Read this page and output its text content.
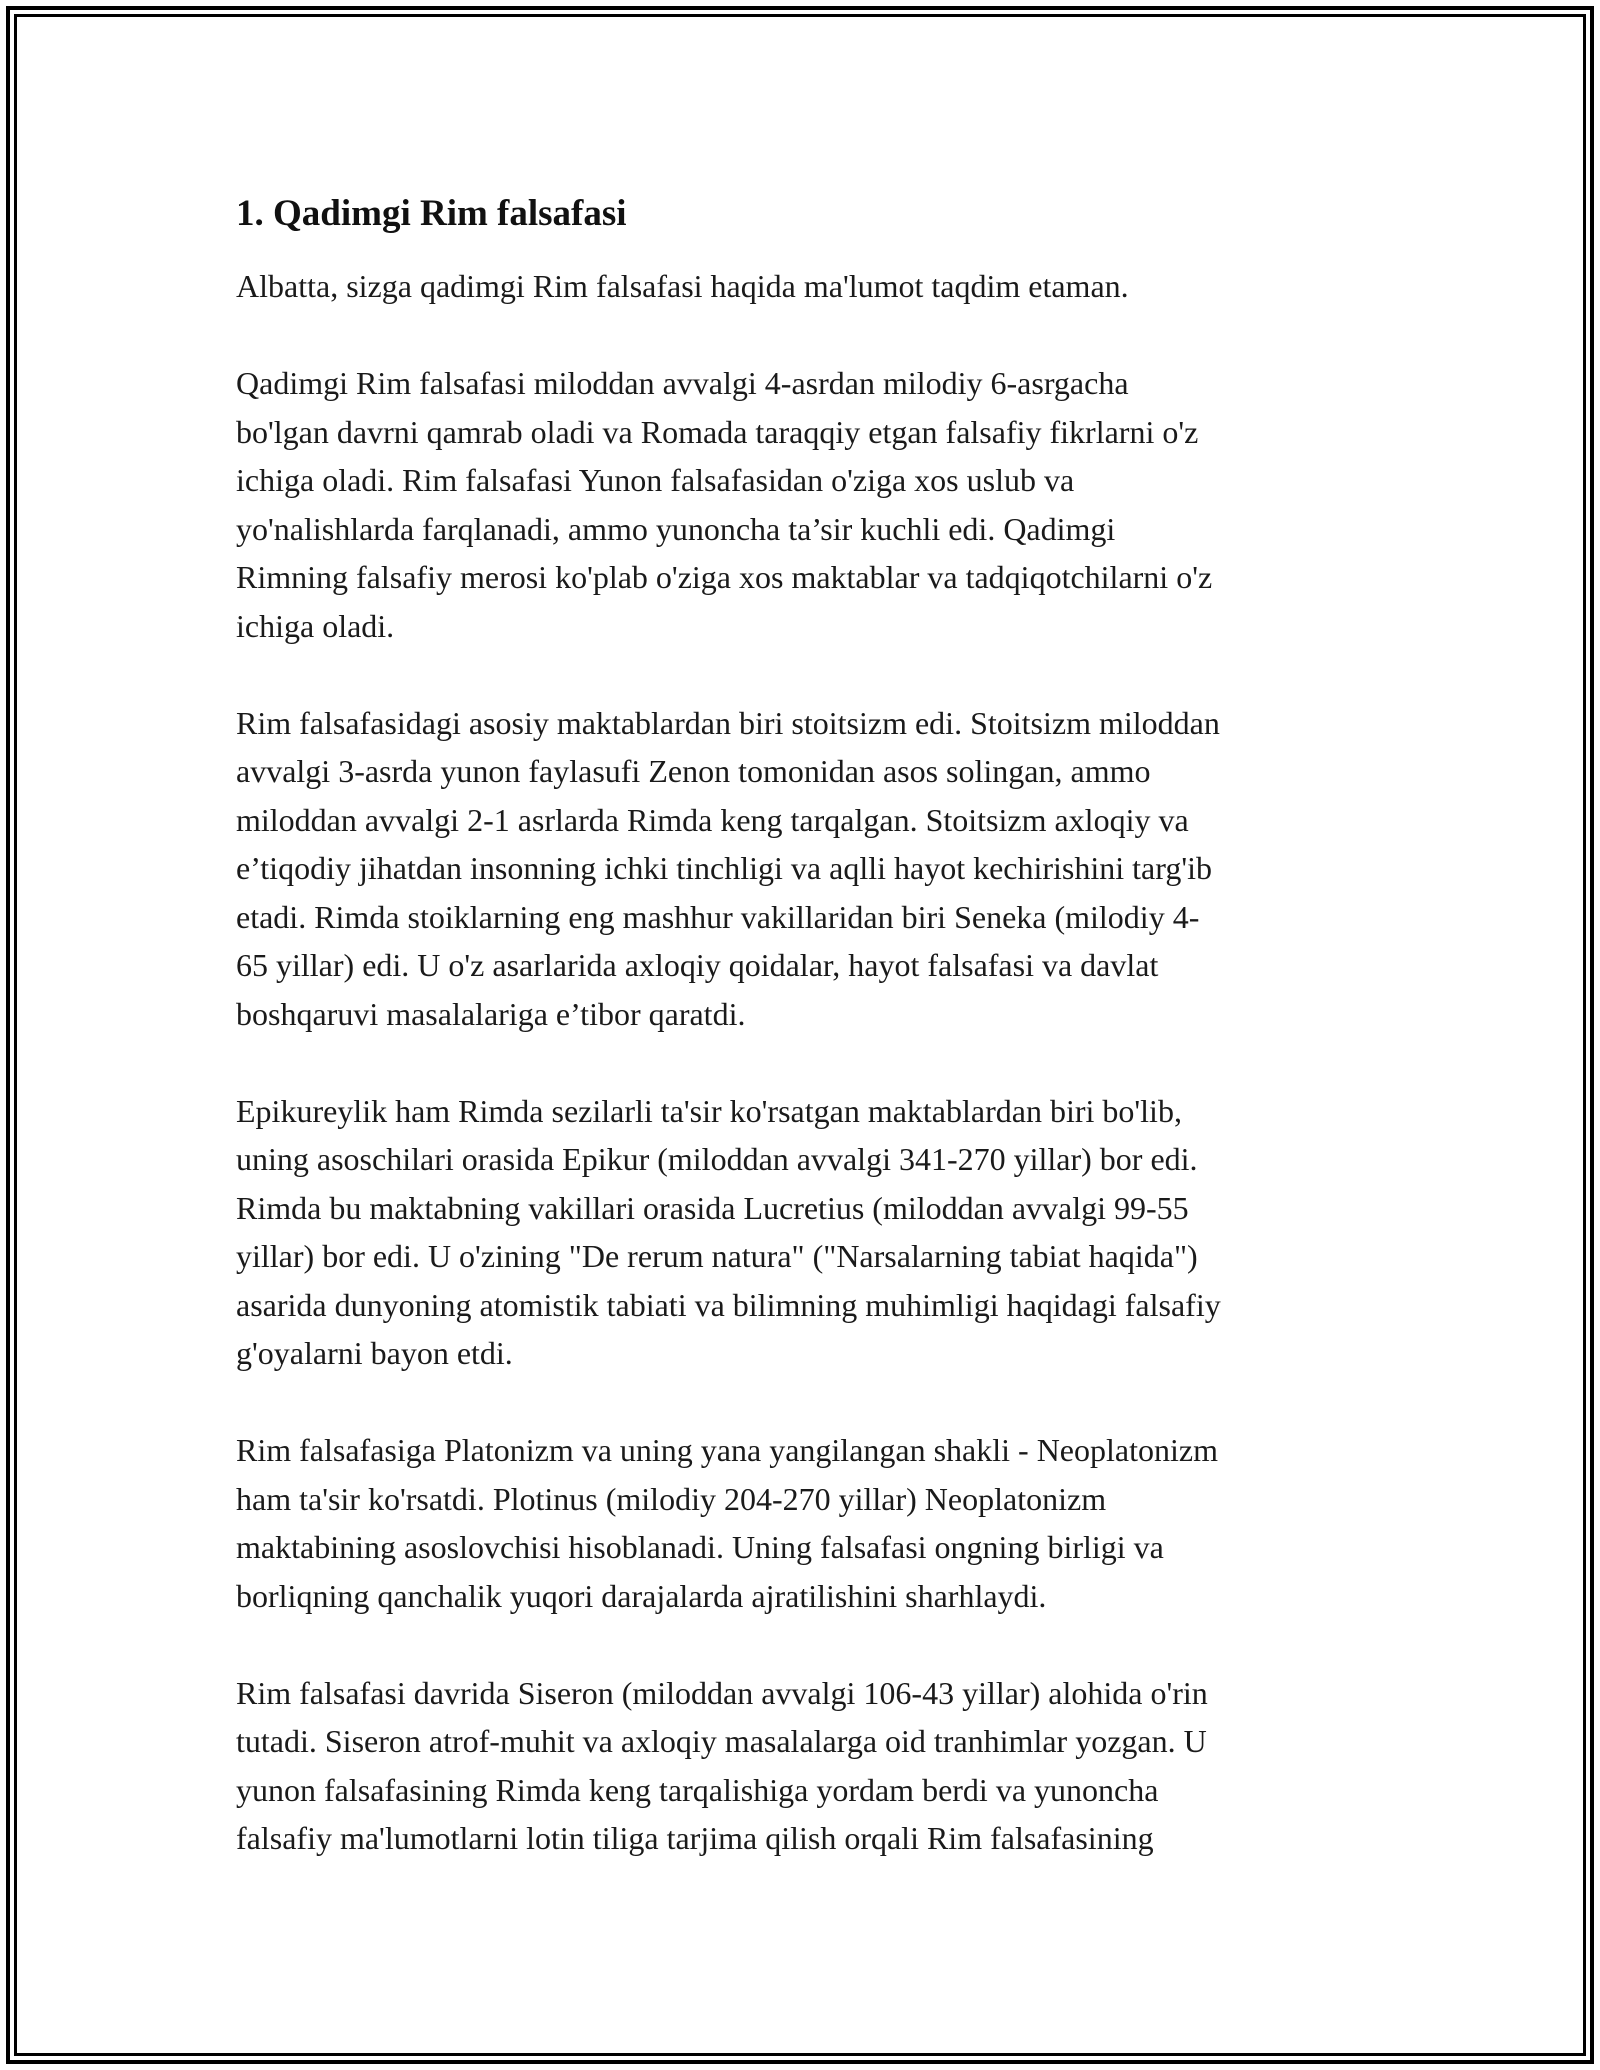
1. Qadimgi Rim falsafasi
Albatta, sizga qadimgi Rim falsafasi haqida ma'lumot taqdim etaman.
Qadimgi Rim falsafasi miloddan avvalgi 4-asrdan milodiy 6-asrgacha
bo'lgan davrni qamrab oladi va Romada taraqqiy etgan falsafiy fikrlarni o'z
ichiga oladi. Rim falsafasi Yunon falsafasidan o'ziga xos uslub va
yo'nalishlarda farqlanadi, ammo yunoncha ta’sir kuchli edi. Qadimgi
Rimning falsafiy merosi ko'plab o'ziga xos maktablar va tadqiqotchilarni o'z
ichiga oladi.
Rim falsafasidagi asosiy maktablardan biri stoitsizm edi. Stoitsizm miloddan
avvalgi 3-asrda yunon faylasufi Zenon tomonidan asos solingan, ammo
miloddan avvalgi 2-1 asrlarda Rimda keng tarqalgan. Stoitsizm axloqiy va
e’tiqodiy jihatdan insonning ichki tinchligi va aqlli hayot kechirishini targ'ib
etadi. Rimda stoiklarning eng mashhur vakillaridan biri Seneka (milodiy 4-
65 yillar) edi. U o'z asarlarida axloqiy qoidalar, hayot falsafasi va davlat
boshqaruvi masalalariga e’tibor qaratdi.
Epikureylik ham Rimda sezilarli ta'sir ko'rsatgan maktablardan biri bo'lib,
uning asoschilari orasida Epikur (miloddan avvalgi 341-270 yillar) bor edi.
Rimda bu maktabning vakillari orasida Lucretius (miloddan avvalgi 99-55
yillar) bor edi. U o'zining "De rerum natura" ("Narsalarning tabiat haqida")
asarida dunyoning atomistik tabiati va bilimning muhimligi haqidagi falsafiy
g'oyalarni bayon etdi.
Rim falsafasiga Platonizm va uning yana yangilangan shakli - Neoplatonizm
ham ta'sir ko'rsatdi. Plotinus (milodiy 204-270 yillar) Neoplatonizm
maktabining asoslovchisi hisoblanadi. Uning falsafasi ongning birligi va
borliqning qanchalik yuqori darajalarda ajratilishini sharhlaydi.
Rim falsafasi davrida Siseron (miloddan avvalgi 106-43 yillar) alohida o'rin
tutadi. Siseron atrof-muhit va axloqiy masalalarga oid tranhimlar yozgan. U
yunon falsafasining Rimda keng tarqalishiga yordam berdi va yunoncha
falsafiy ma'lumotlarni lotin tiliga tarjima qilish orqali Rim falsafasining
